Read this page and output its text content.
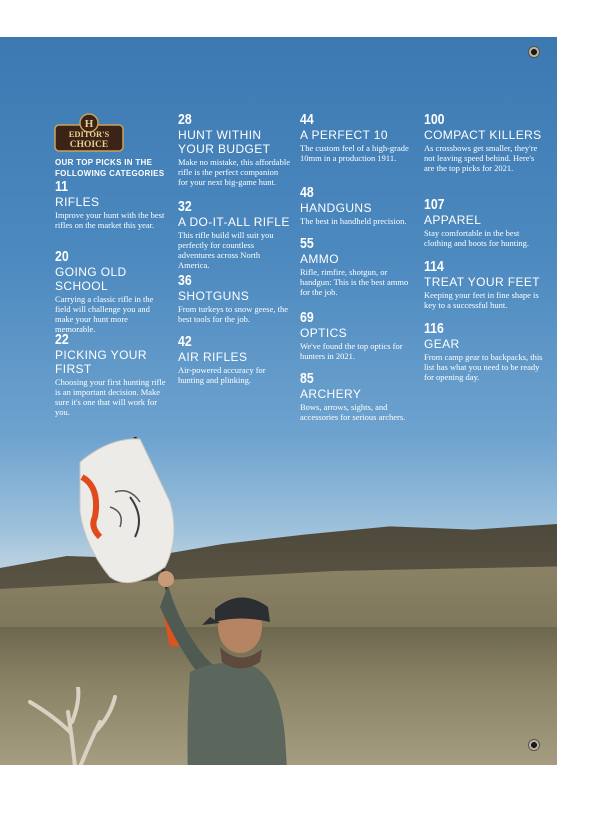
H
EDITOR'S
CHOICE
OUR TOP PICKS IN THE FOLLOWING CATEGORIES
11
RIFLES
Improve your hunt with the best rifles on the market this year.
20
GOING OLD SCHOOL
Carrying a classic rifle in the field will challenge you and make your hunt more memorable.
22
PICKING YOUR FIRST
Choosing your first hunting rifle is an important decision. Make sure it's one that will work for you.
28
HUNT WITHIN YOUR BUDGET
Make no mistake, this affordable rifle is the perfect companion for your next big-game hunt.
32
A DO-IT-ALL RIFLE
This rifle build will suit you perfectly for countless adventures across North America.
36
SHOTGUNS
From turkeys to snow geese, the best tools for the job.
42
AIR RIFLES
Air-powered accuracy for hunting and plinking.
44
A PERFECT 10
The custom feel of a high-grade 10mm in a production 1911.
48
HANDGUNS
The best in handheld precision.
55
AMMO
Rifle, rimfire, shotgun, or handgun: This is the best ammo for the job.
69
OPTICS
We've found the top optics for hunters in 2021.
85
ARCHERY
Bows, arrows, sights, and accessories for serious archers.
100
COMPACT KILLERS
As crossbows get smaller, they're not leaving speed behind. Here's are the top picks for 2021.
107
APPAREL
Stay comfortable in the best clothing and boots for hunting.
114
TREAT YOUR FEET
Keeping your feet in fine shape is key to a successful hunt.
116
GEAR
From camp gear to backpacks, this list has what you need to be ready for opening day.
